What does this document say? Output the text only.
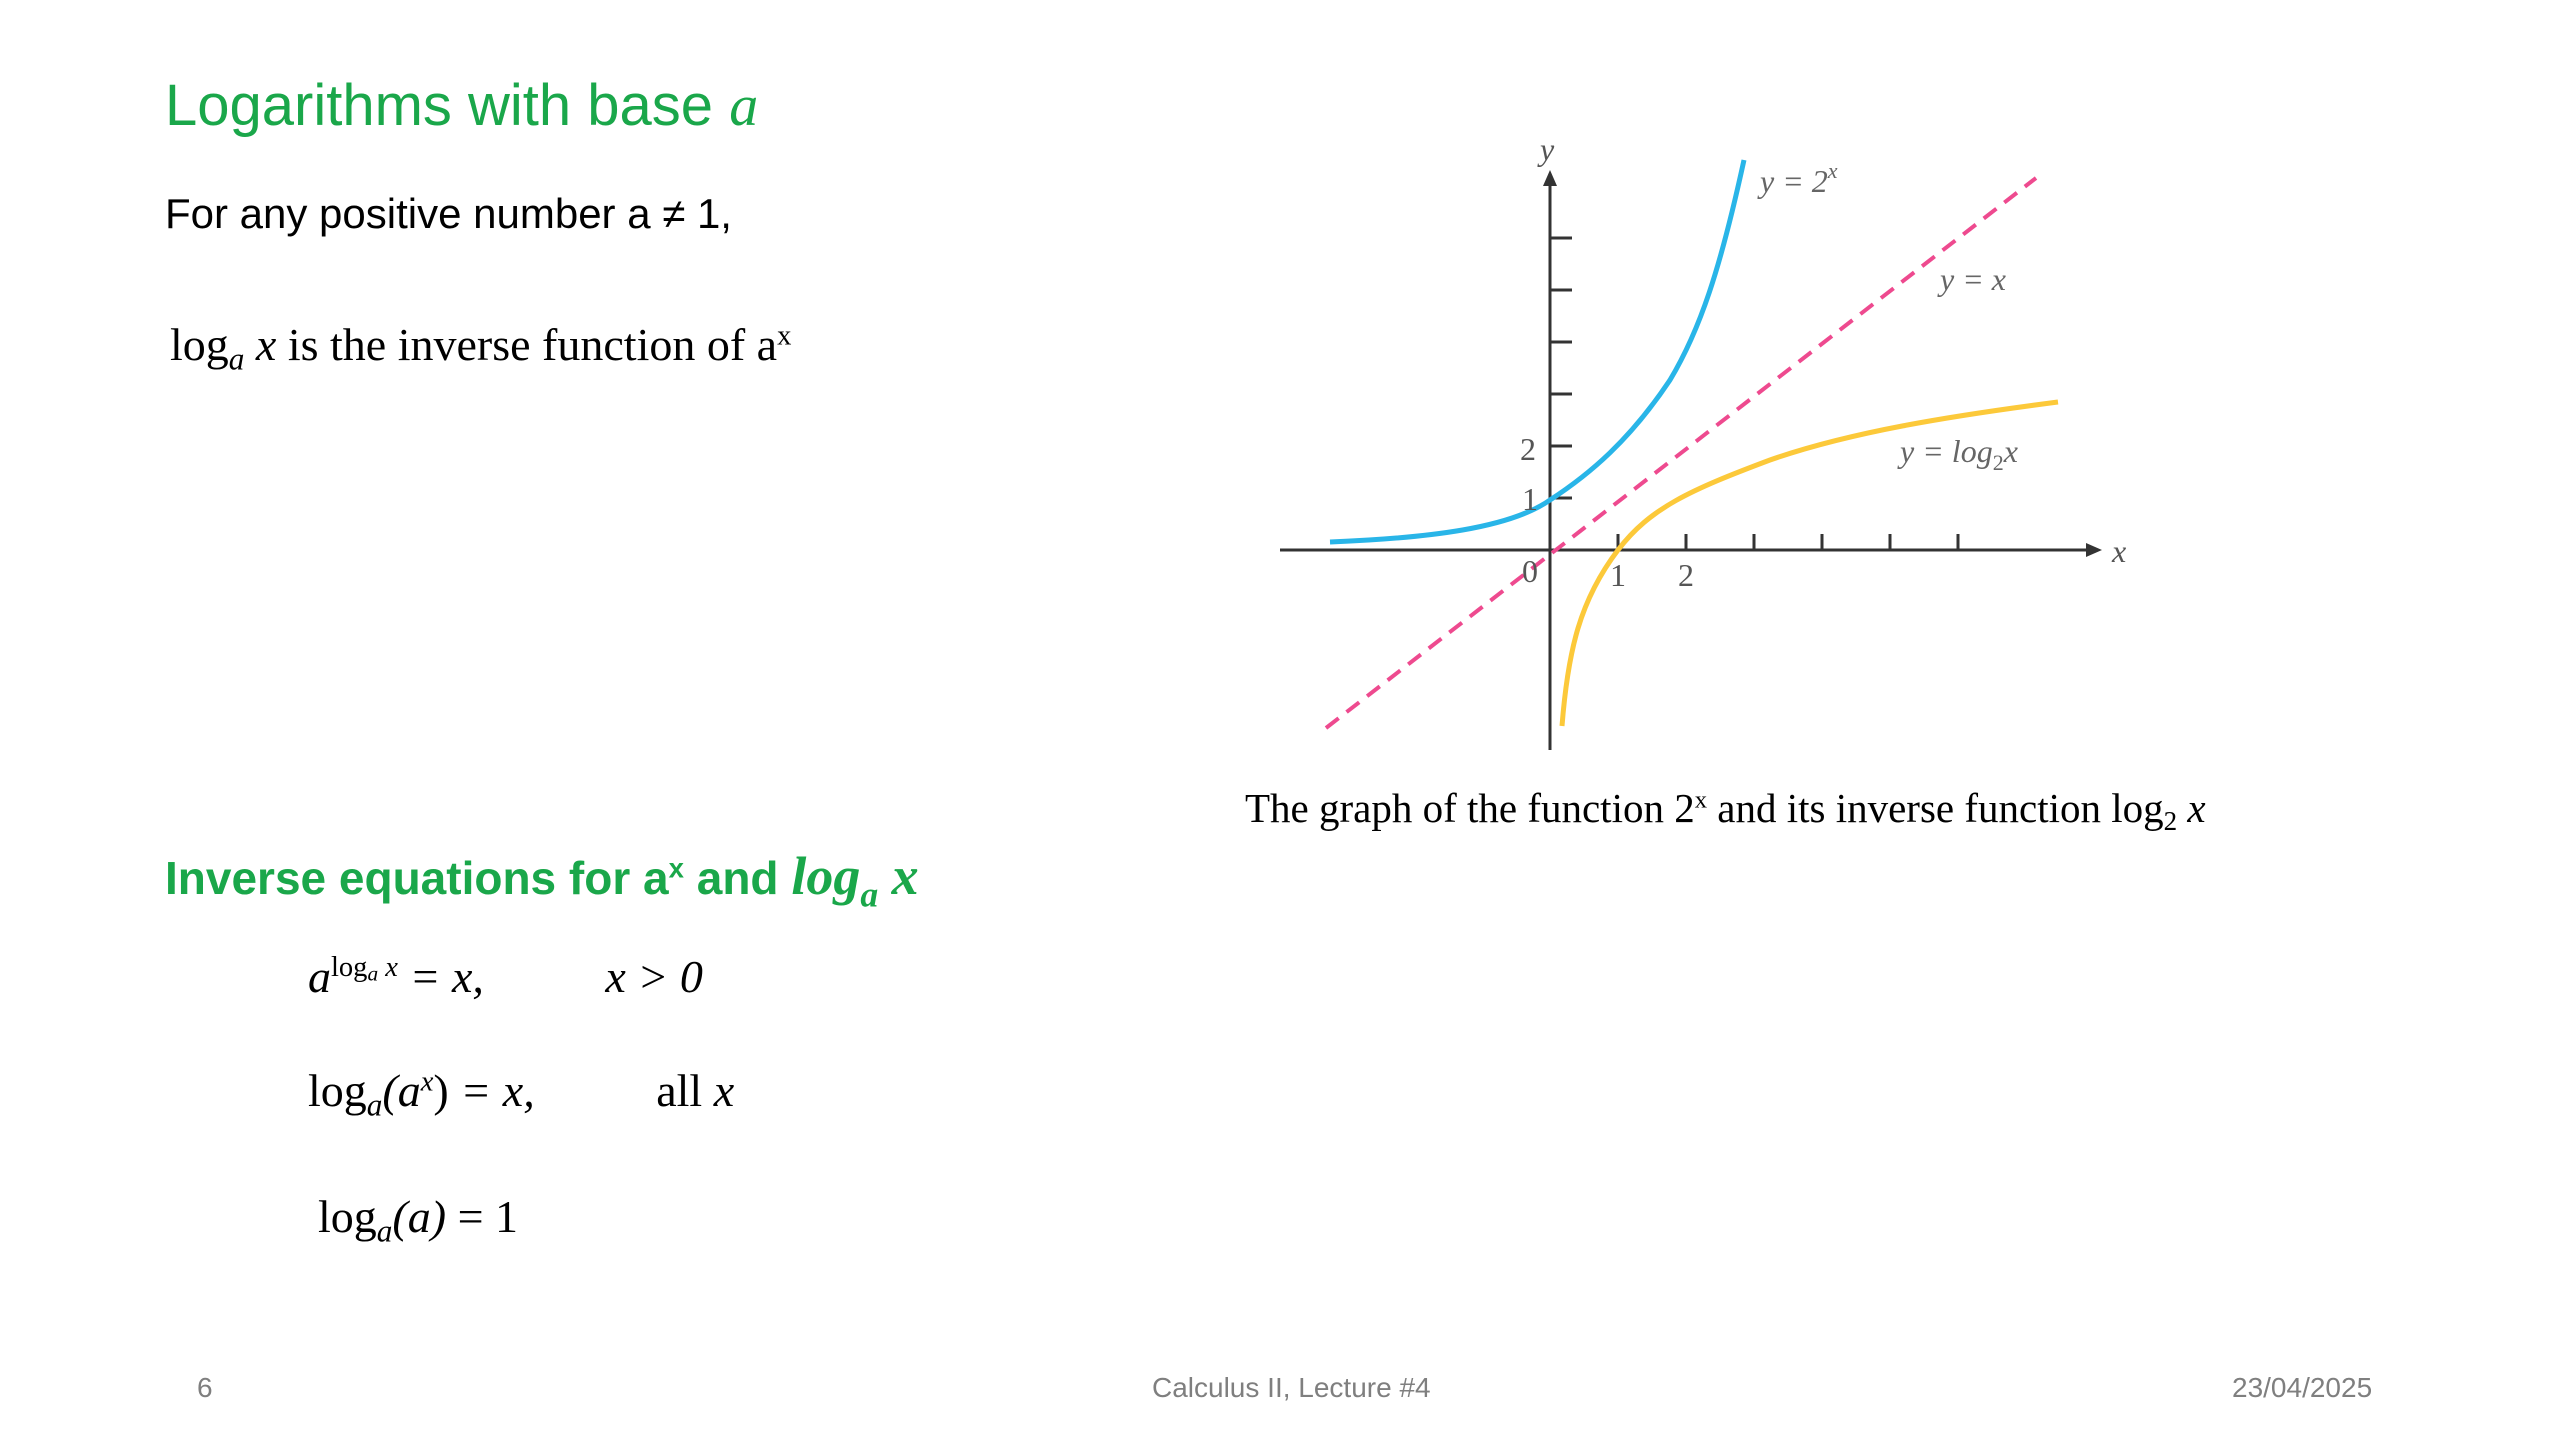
Logarithms with base a
For any positive number a ≠ 1,
$\log_a x$ is the inverse function of $a^x$
y
x
0
1
2
1 2
$y = 2^x$
y = x
$y = \log_2x$
The graph of the function 2$^x$ and its inverse function $\log_2 x$
Inverse equations for $a^x$ and $\log_a x$
$a^{log_a x} = x$,	x > 0
$\log_a(a^x) = x$,	all x
$\log_a(a) = 1$
6	Calculus II, Lecture #4	23/04/2025
